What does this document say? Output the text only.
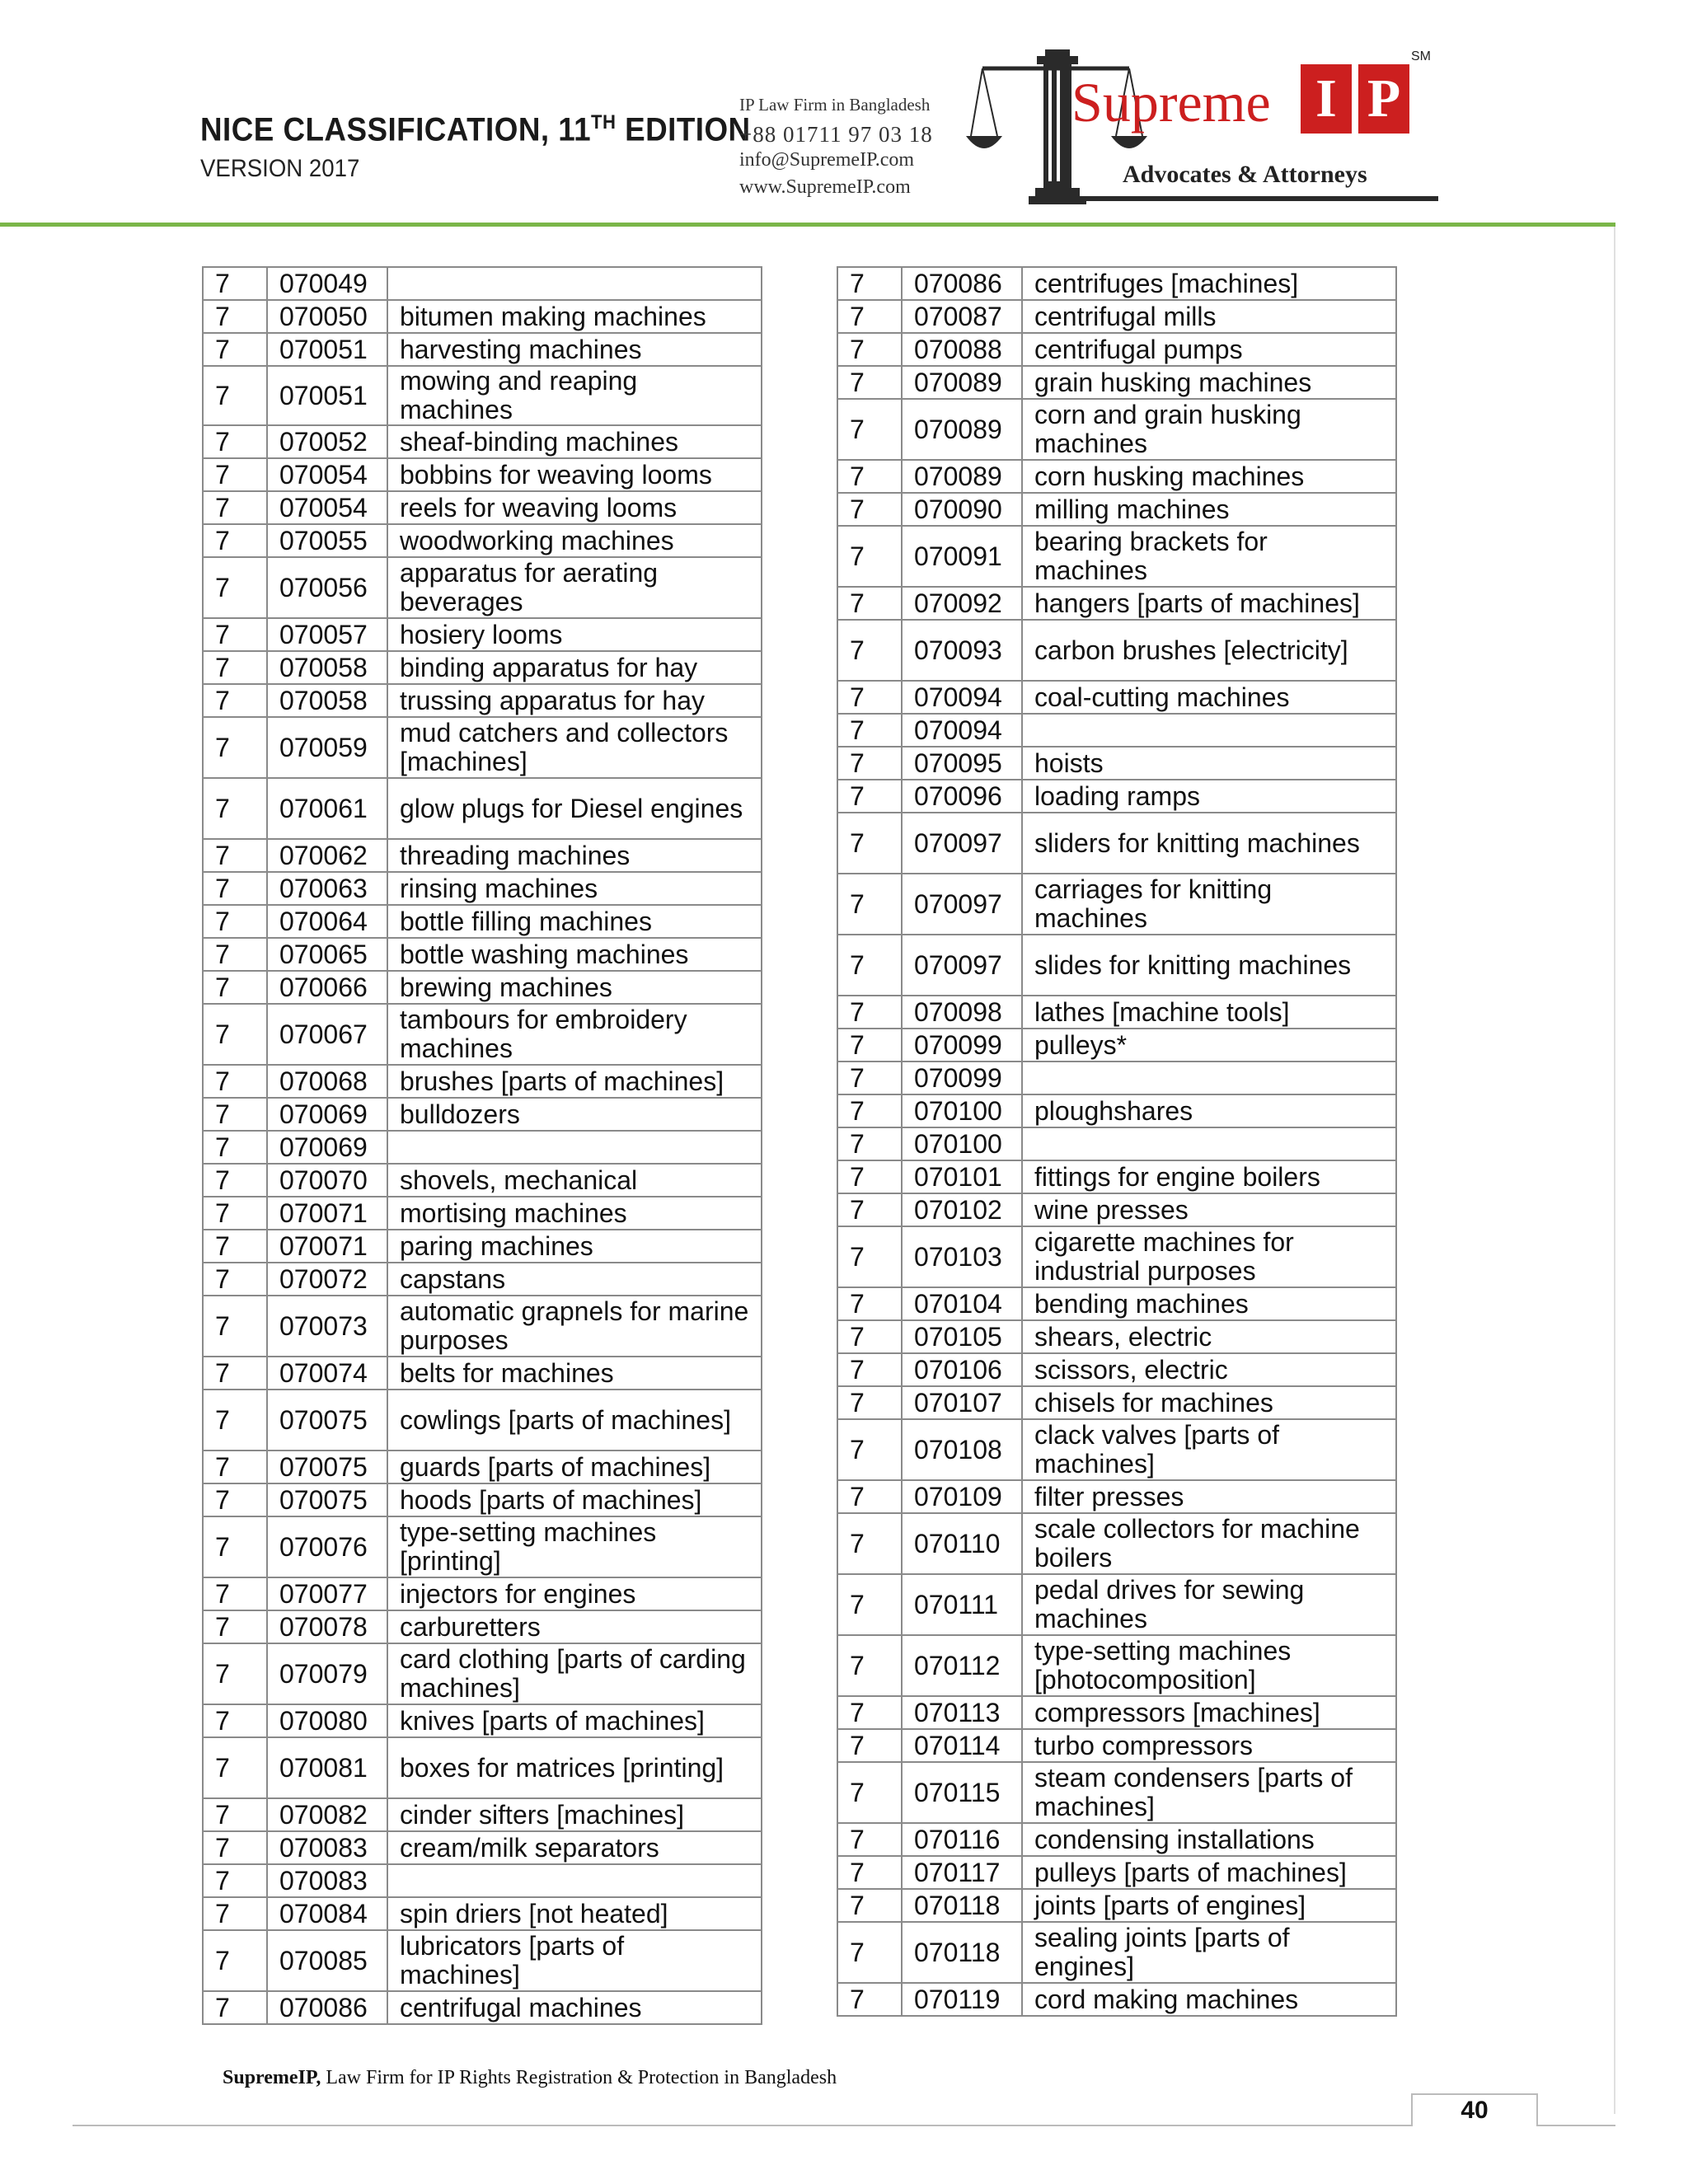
NICE CLASSIFICATION, 11TH EDITION
VERSION 2017
IP Law Firm in Bangladesh
+88 01711 97 03 18
info@SupremeIP.com
www.SupremeIP.com
Supreme I P
SM
Advocates & Attorneys
7	070049	
7	070050	bitumen making machines
7	070051	harvesting machines
7	070051	mowing and reaping machines
7	070052	sheaf-binding machines
7	070054	bobbins for weaving looms
7	070054	reels for weaving looms
7	070055	woodworking machines
7	070056	apparatus for aerating beverages
7	070057	hosiery looms
7	070058	binding apparatus for hay
7	070058	trussing apparatus for hay
7	070059	mud catchers and collectors [machines]
7	070061	glow plugs for Diesel engines
7	070062	threading machines
7	070063	rinsing machines
7	070064	bottle filling machines
7	070065	bottle washing machines
7	070066	brewing machines
7	070067	tambours for embroidery machines
7	070068	brushes [parts of machines]
7	070069	bulldozers
7	070069	
7	070070	shovels, mechanical
7	070071	mortising machines
7	070071	paring machines
7	070072	capstans
7	070073	automatic grapnels for marine purposes
7	070074	belts for machines
7	070075	cowlings [parts of machines]
7	070075	guards [parts of machines]
7	070075	hoods [parts of machines]
7	070076	type-setting machines [printing]
7	070077	injectors for engines
7	070078	carburetters
7	070079	card clothing [parts of carding machines]
7	070080	knives [parts of machines]
7	070081	boxes for matrices [printing]
7	070082	cinder sifters [machines]
7	070083	cream/milk separators
7	070083	
7	070084	spin driers [not heated]
7	070085	lubricators [parts of machines]
7	070086	centrifugal machines
7	070086	centrifuges [machines]
7	070087	centrifugal mills
7	070088	centrifugal pumps
7	070089	grain husking machines
7	070089	corn and grain husking machines
7	070089	corn husking machines
7	070090	milling machines
7	070091	bearing brackets for machines
7	070092	hangers [parts of machines]
7	070093	carbon brushes [electricity]
7	070094	coal-cutting machines
7	070094	
7	070095	hoists
7	070096	loading ramps
7	070097	sliders for knitting machines
7	070097	carriages for knitting machines
7	070097	slides for knitting machines
7	070098	lathes [machine tools]
7	070099	pulleys*
7	070099	
7	070100	ploughshares
7	070100	
7	070101	fittings for engine boilers
7	070102	wine presses
7	070103	cigarette machines for industrial purposes
7	070104	bending machines
7	070105	shears, electric
7	070106	scissors, electric
7	070107	chisels for machines
7	070108	clack valves [parts of machines]
7	070109	filter presses
7	070110	scale collectors for machine boilers
7	070111	pedal drives for sewing machines
7	070112	type-setting machines [photocomposition]
7	070113	compressors [machines]
7	070114	turbo compressors
7	070115	steam condensers [parts of machines]
7	070116	condensing installations
7	070117	pulleys [parts of machines]
7	070118	joints [parts of engines]
7	070118	sealing joints [parts of engines]
7	070119	cord making machines
SupremeIP, Law Firm for IP Rights Registration & Protection in Bangladesh
40
